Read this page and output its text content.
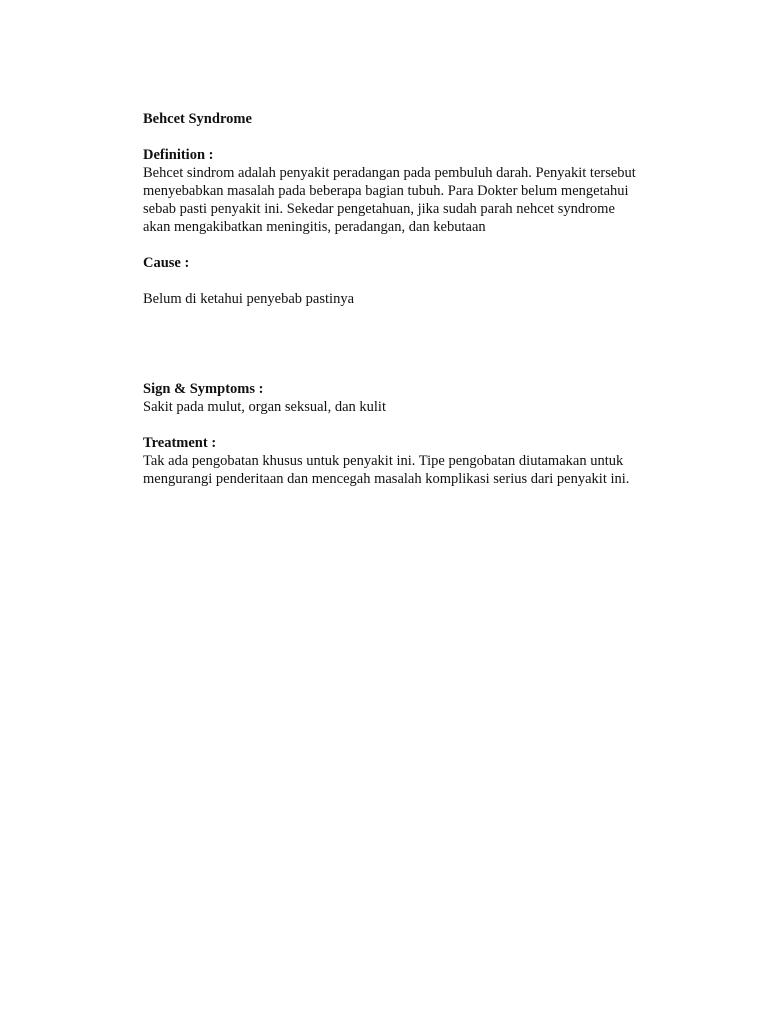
Behcet Syndrome
Definition :
Behcet sindrom adalah penyakit peradangan pada pembuluh darah. Penyakit tersebut
menyebabkan masalah pada beberapa bagian tubuh. Para Dokter belum mengetahui
sebab pasti penyakit ini. Sekedar pengetahuan, jika sudah parah nehcet syndrome
akan mengakibatkan meningitis, peradangan, dan kebutaan
Cause :
Belum di ketahui penyebab pastinya
Sign & Symptoms :
Sakit pada mulut, organ seksual, dan kulit
Treatment :
Tak ada pengobatan khusus untuk penyakit ini. Tipe pengobatan diutamakan untuk
mengurangi penderitaan dan mencegah masalah komplikasi serius dari penyakit ini.
